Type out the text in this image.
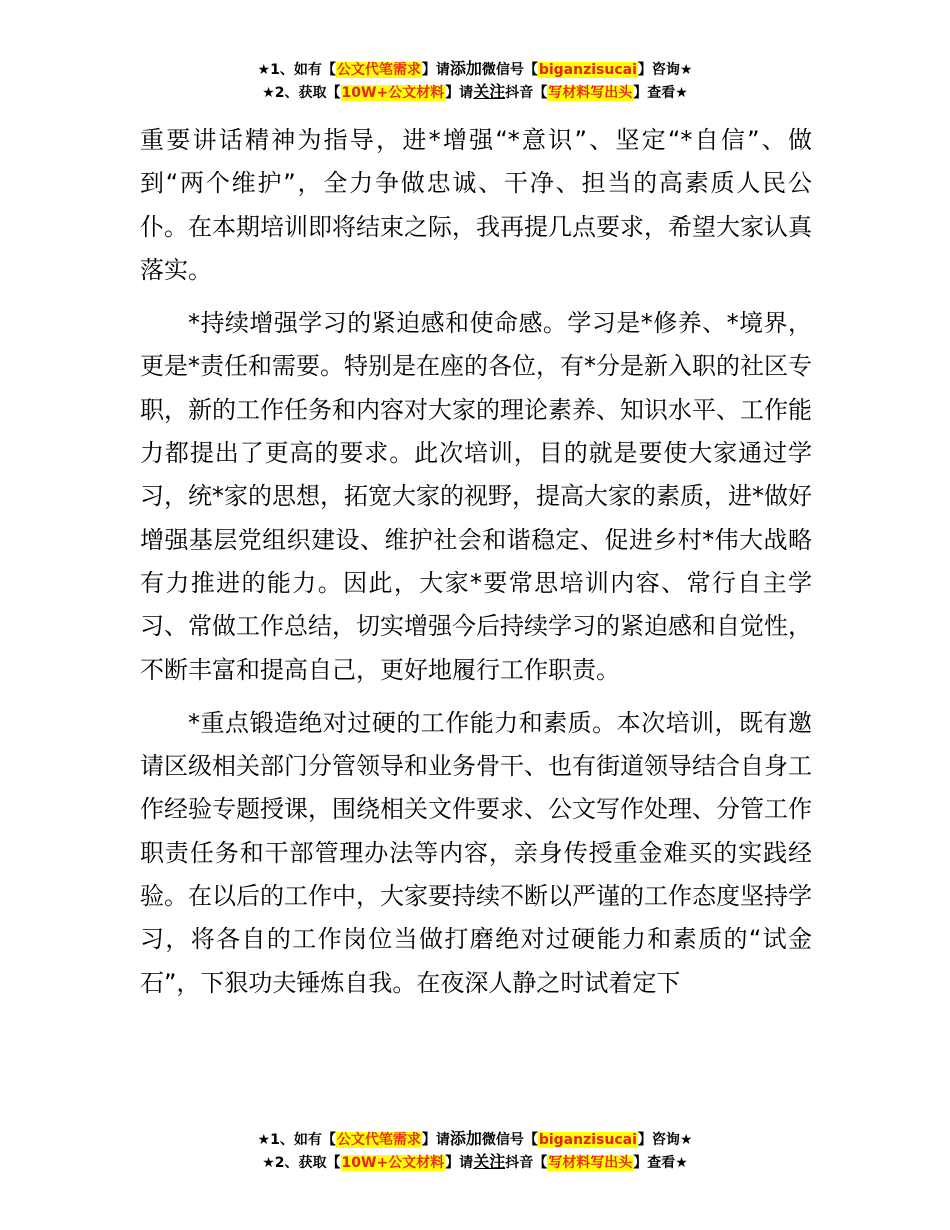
★1、如有【公文代笔需求】请添加微信号【biganzisucai】咨询★
★2、获取【10W+公文材料】请关注抖音【写材料写出头】查看★

重要讲话精神为指导，进*增强“*意识”、坚定“*自信”、做到“两个维护”，全力争做忠诚、干净、担当的高素质人民公仆。在本期培训即将结束之际，我再提几点要求，希望大家认真落实。

*持续增强学习的紧迫感和使命感。学习是*修养、*境界，更是*责任和需要。特别是在座的各位，有*分是新入职的社区专职，新的工作任务和内容对大家的理论素养、知识水平、工作能力都提出了更高的要求。此次培训，目的就是要使大家通过学习，统*家的思想，拓宽大家的视野，提高大家的素质，进*做好增强基层党组织建设、维护社会和谐稳定、促进乡村*伟大战略有力推进的能力。因此，大家*要常思培训内容、常行自主学习、常做工作总结，切实增强今后持续学习的紧迫感和自觉性，不断丰富和提高自己，更好地履行工作职责。

*重点锻造绝对过硬的工作能力和素质。本次培训，既有邀请区级相关部门分管领导和业务骨干、也有街道领导结合自身工作经验专题授课，围绕相关文件要求、公文写作处理、分管工作职责任务和干部管理办法等内容，亲身传授重金难买的实践经验。在以后的工作中，大家要持续不断以严谨的工作态度坚持学习，将各自的工作岗位当做打磨绝对过硬能力和素质的“试金石”，下狠功夫锤炼自我。在夜深人静之时试着定下

★1、如有【公文代笔需求】请添加微信号【biganzisucai】咨询★
★2、获取【10W+公文材料】请关注抖音【写材料写出头】查看★
